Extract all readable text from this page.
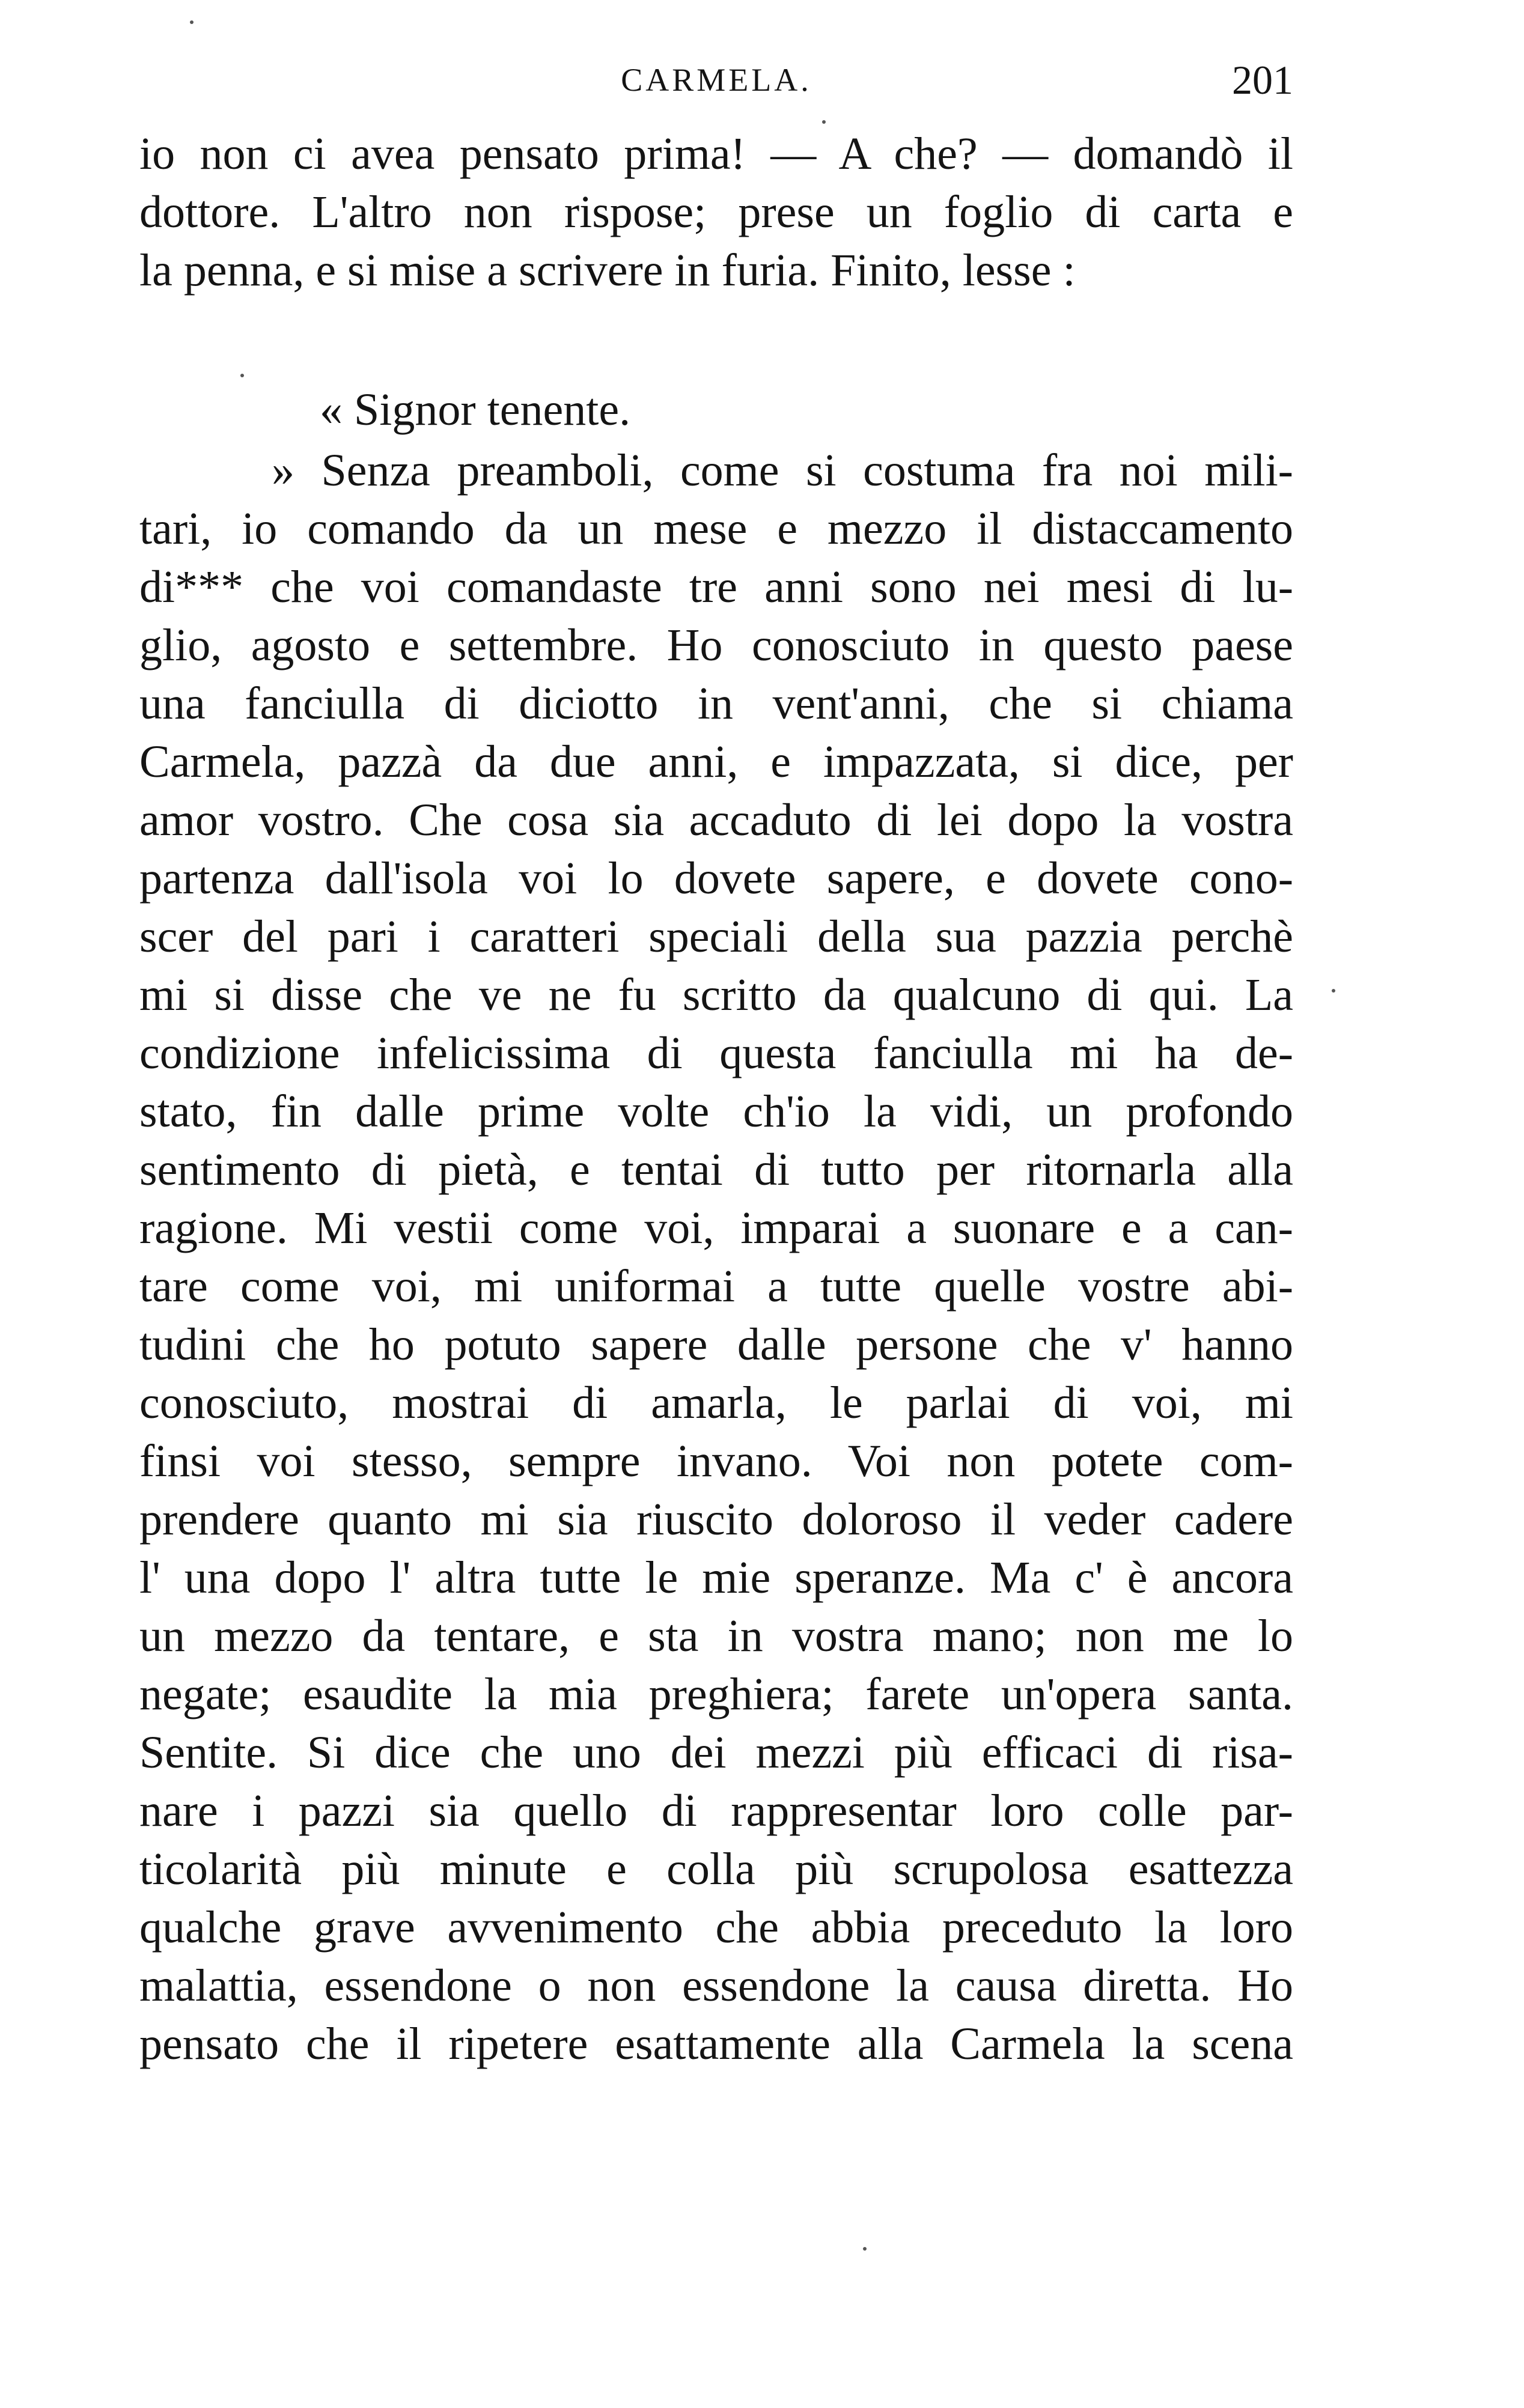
CARMELA.	201
io non ci avea pensato prima! — A che? — domandò il
dottore. L'altro non rispose; prese un foglio di carta e
la penna, e si mise a scrivere in furia. Finito, lesse :
« Signor tenente.
» Senza preamboli, come si costuma fra noi mili-
tari, io comando da un mese e mezzo il distaccamento
di*** che voi comandaste tre anni sono nei mesi di lu-
glio, agosto e settembre. Ho conosciuto in questo paese
una fanciulla di diciotto in vent'anni, che si chiama
Carmela, pazzà da due anni, e impazzata, si dice, per
amor vostro. Che cosa sia accaduto di lei dopo la vostra
partenza dall'isola voi lo dovete sapere, e dovete cono-
scer del pari i caratteri speciali della sua pazzia perchè
mi si disse che ve ne fu scritto da qualcuno di qui. La
condizione infelicissima di questa fanciulla mi ha de-
stato, fin dalle prime volte ch'io la vidi, un profondo
sentimento di pietà, e tentai di tutto per ritornarla alla
ragione. Mi vestii come voi, imparai a suonare e a can-
tare come voi, mi uniformai a tutte quelle vostre abi-
tudini che ho potuto sapere dalle persone che v' hanno
conosciuto, mostrai di amarla, le parlai di voi, mi
finsi voi stesso, sempre invano. Voi non potete com-
prendere quanto mi sia riuscito doloroso il veder cadere
l' una dopo l' altra tutte le mie speranze. Ma c' è ancora
un mezzo da tentare, e sta in vostra mano; non me lo
negate; esaudite la mia preghiera; farete un'opera santa.
Sentite. Si dice che uno dei mezzi più efficaci di risa-
nare i pazzi sia quello di rappresentar loro colle par-
ticolarità più minute e colla più scrupolosa esattezza
qualche grave avvenimento che abbia preceduto la loro
malattia, essendone o non essendone la causa diretta. Ho
pensato che il ripetere esattamente alla Carmela la scena
